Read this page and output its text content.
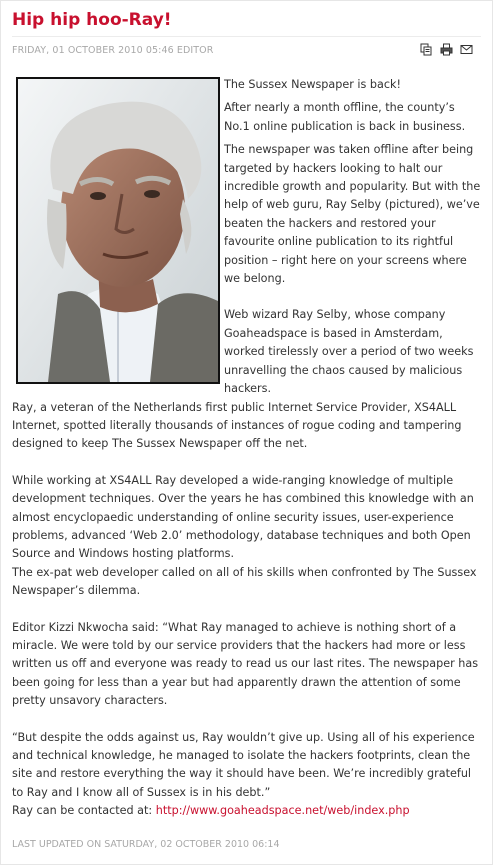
Hip hip hoo-Ray!
FRIDAY, 01 OCTOBER 2010 05:46 EDITOR

The Sussex Newspaper is back!

After nearly a month offline, the county’s No.1 online publication is back in business.

The newspaper was taken offline after being targeted by hackers looking to halt our incredible growth and popularity. But with the help of web guru, Ray Selby (pictured), we’ve beaten the hackers and restored your favourite online publication to its rightful position – right here on your screens where we belong.

Web wizard Ray Selby, whose company Goaheadspace is based in Amsterdam, worked tirelessly over a period of two weeks unravelling the chaos caused by malicious hackers.

Ray, a veteran of the Netherlands first public Internet Service Provider, XS4ALL Internet, spotted literally thousands of instances of rogue coding and tampering designed to keep The Sussex Newspaper off the net.

While working at XS4ALL Ray developed a wide-ranging knowledge of multiple development techniques. Over the years he has combined this knowledge with an almost encyclopaedic understanding of online security issues, user-experience problems, advanced ‘Web 2.0’ methodology, database techniques and both Open Source and Windows hosting platforms.

The ex-pat web developer called on all of his skills when confronted by The Sussex Newspaper’s dilemma.

Editor Kizzi Nkwocha said: “What Ray managed to achieve is nothing short of a miracle. We were told by our service providers that the hackers had more or less written us off and everyone was ready to read us our last rites. The newspaper has been going for less than a year but had apparently drawn the attention of some pretty unsavory characters.

“But despite the odds against us, Ray wouldn’t give up. Using all of his experience and technical knowledge, he managed to isolate the hackers footprints, clean the site and restore everything the way it should have been. We’re incredibly grateful to Ray and I know all of Sussex is in his debt.”

Ray can be contacted at: http://www.goaheadspace.net/web/index.php

LAST UPDATED ON SATURDAY, 02 OCTOBER 2010 06:14
